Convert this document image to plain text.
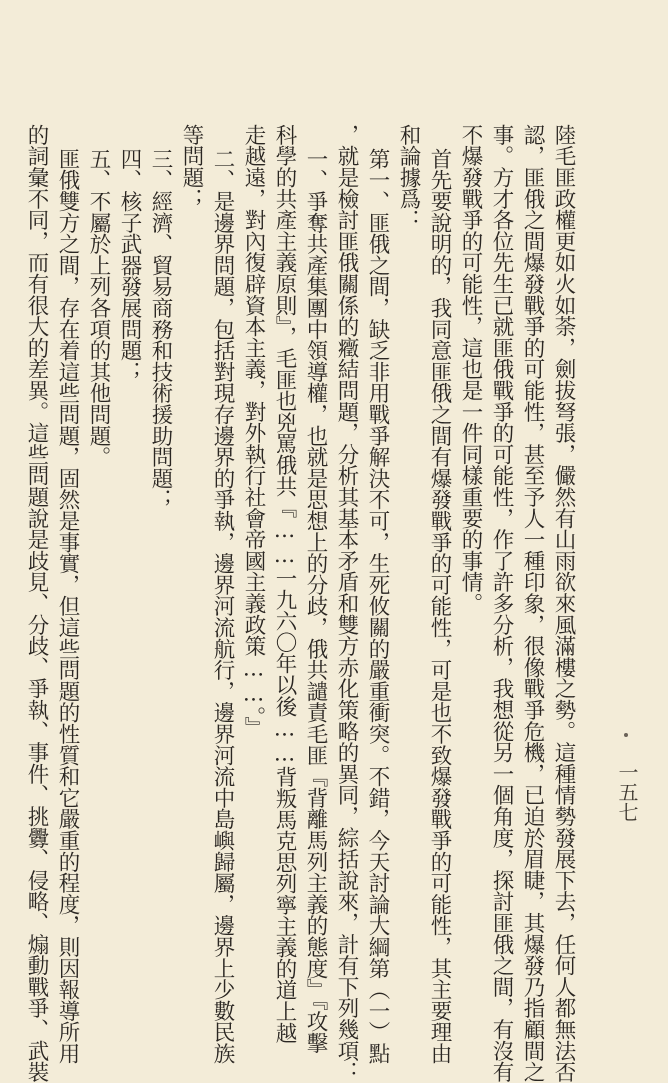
陸毛匪政權更如火如荼，劍拔弩張，儼然有山雨欲來風滿樓之勢。這種情勢發展下去，任何人都無法否
認，匪俄之間爆發戰爭的可能性，甚至予人一種印象，很像戰爭危機，已迫於眉睫，其爆發乃指顧間之
事。方才各位先生已就匪俄戰爭的可能性，作了許多分析，我想從另一個角度，探討匪俄之間，有沒有
不爆發戰爭的可能性，這也是一件同樣重要的事情。
首先要說明的，我同意匪俄之間有爆發戰爭的可能性，可是也不致爆發戰爭的可能性，其主要理由
和論據爲：
第一、匪俄之間，缺乏非用戰爭解決不可，生死攸關的嚴重衝突。不錯，今天討論大綱第（一）點
，就是檢討匪俄關係的癥結問題，分析其基本矛盾和雙方赤化策略的異同，綜括說來，計有下列幾項：
一、爭奪共產集團中領導權，也就是思想上的分歧，俄共譴責毛匪『背離馬列主義的態度』『攻擊
科學的共產主義原則』，毛匪也兇罵俄共『……一九六〇年以後……背叛馬克思列寧主義的道上越
走越遠，對內復辟資本主義，對外執行社會帝國主義政策……。』
二、是邊界問題，包括對現存邊界的爭執，邊界河流航行，邊界河流中島嶼歸屬，邊界上少數民族
等問題；
三、經濟、貿易商務和技術援助問題；
四、核子武器發展問題；
五、不屬於上列各項的其他問題。
匪俄雙方之間，存在着這些問題，固然是事實，但這些問題的性質和它嚴重的程度，則因報導所用
的詞彙不同，而有很大的差異。這些問題說是歧見、分歧、爭執、事件、挑釁、侵略、煽動戰爭、武裝	一五七
